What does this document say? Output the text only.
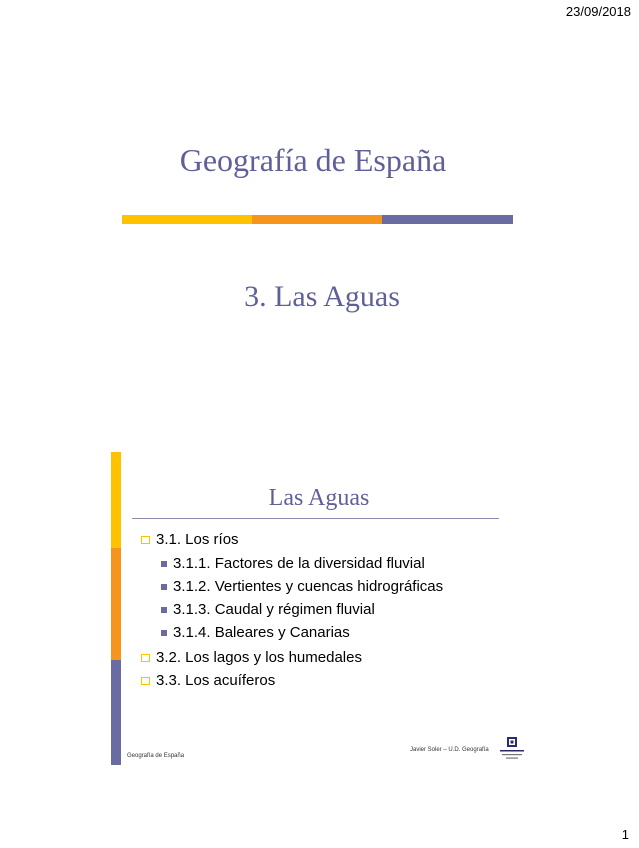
23/09/2018
Geografía de España
3. Las Aguas
Las Aguas
3.1. Los ríos
3.1.1. Factores de la diversidad fluvial
3.1.2. Vertientes y cuencas hidrográficas
3.1.3. Caudal y régimen fluvial
3.1.4. Baleares y Canarias
3.2. Los lagos y los humedales
3.3. Los acuíferos
Geografía de España
Javier Soler – U.D. Geografía
1
